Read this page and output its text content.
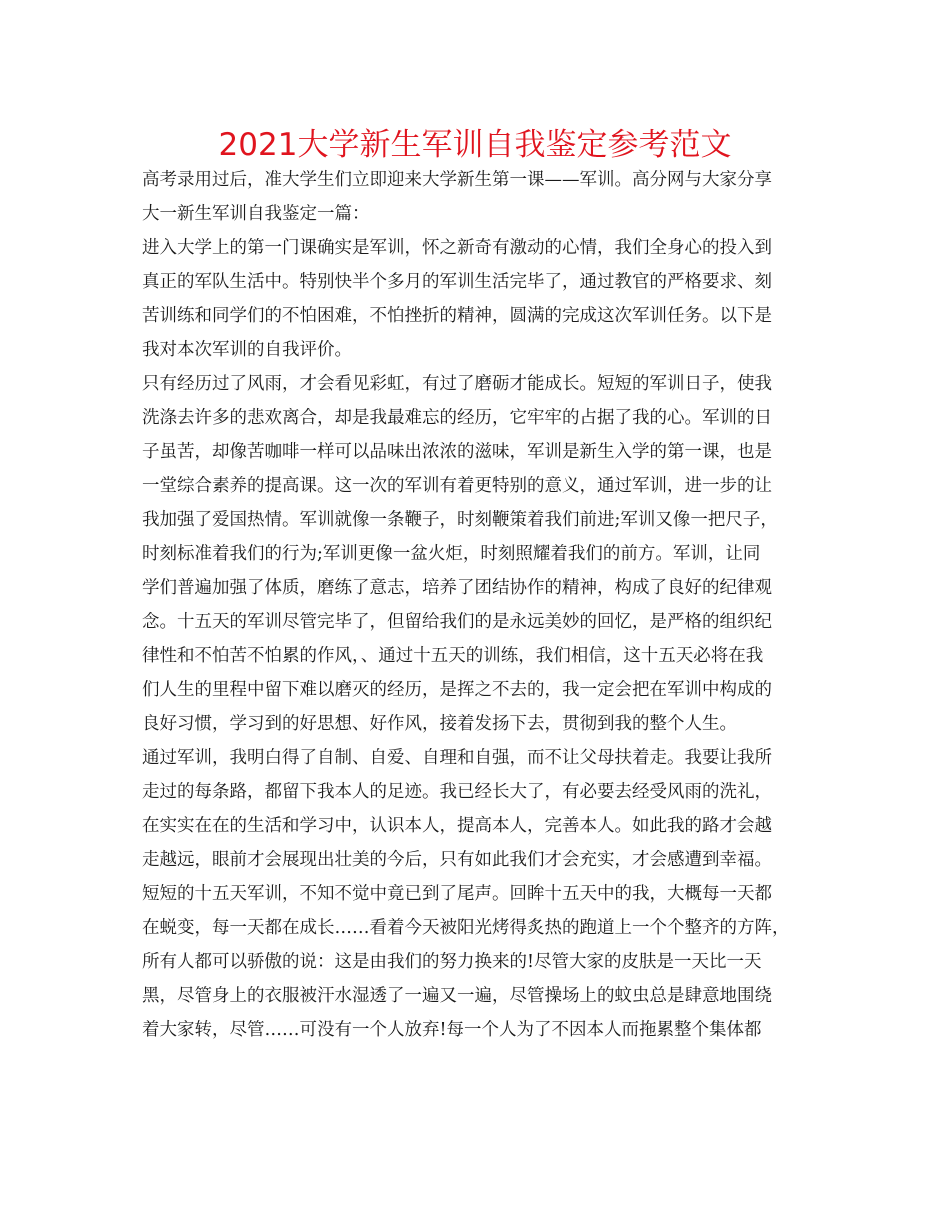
2021大学新生军训自我鉴定参考范文

高考录用过后，准大学生们立即迎来大学新生第一课——军训。高分网与大家分享

大一新生军训自我鉴定一篇：

进入大学上的第一门课确实是军训，怀之新奇有激动的心情，我们全身心的投入到

真正的军队生活中。特别快半个多月的军训生活完毕了，通过教官的严格要求、刻

苦训练和同学们的不怕困难，不怕挫折的精神，圆满的完成这次军训任务。以下是

我对本次军训的自我评价。

只有经历过了风雨，才会看见彩虹，有过了磨砺才能成长。短短的军训日子，使我

洗涤去许多的悲欢离合，却是我最难忘的经历，它牢牢的占据了我的心。军训的日

子虽苦，却像苦咖啡一样可以品味出浓浓的滋味，军训是新生入学的第一课，也是

一堂综合素养的提高课。这一次的军训有着更特别的意义，通过军训，进一步的让

我加强了爱国热情。军训就像一条鞭子，时刻鞭策着我们前进;军训又像一把尺子，

时刻标准着我们的行为;军训更像一盆火炬，时刻照耀着我们的前方。军训，让同

学们普遍加强了体质，磨练了意志，培养了团结协作的精神，构成了良好的纪律观

念。十五天的军训尽管完毕了，但留给我们的是永远美妙的回忆，是严格的组织纪

律性和不怕苦不怕累的作风，、通过十五天的训练，我们相信，这十五天必将在我

们人生的里程中留下难以磨灭的经历，是挥之不去的，我一定会把在军训中构成的

良好习惯，学习到的好思想、好作风，接着发扬下去，贯彻到我的整个人生。

通过军训，我明白得了自制、自爱、自理和自强，而不让父母扶着走。我要让我所

走过的每条路，都留下我本人的足迹。我已经长大了，有必要去经受风雨的洗礼，

在实实在在的生活和学习中，认识本人，提高本人，完善本人。如此我的路才会越

走越远，眼前才会展现出壮美的今后，只有如此我们才会充实，才会感遭到幸福。

短短的十五天军训，不知不觉中竟已到了尾声。回眸十五天中的我，大概每一天都

在蜕变，每一天都在成长……看着今天被阳光烤得炙热的跑道上一个个整齐的方阵，

所有人都可以骄傲的说：这是由我们的努力换来的!尽管大家的皮肤是一天比一天

黑，尽管身上的衣服被汗水湿透了一遍又一遍，尽管操场上的蚊虫总是肆意地围绕

着大家转，尽管……可没有一个人放弃!每一个人为了不因本人而拖累整个集体都
